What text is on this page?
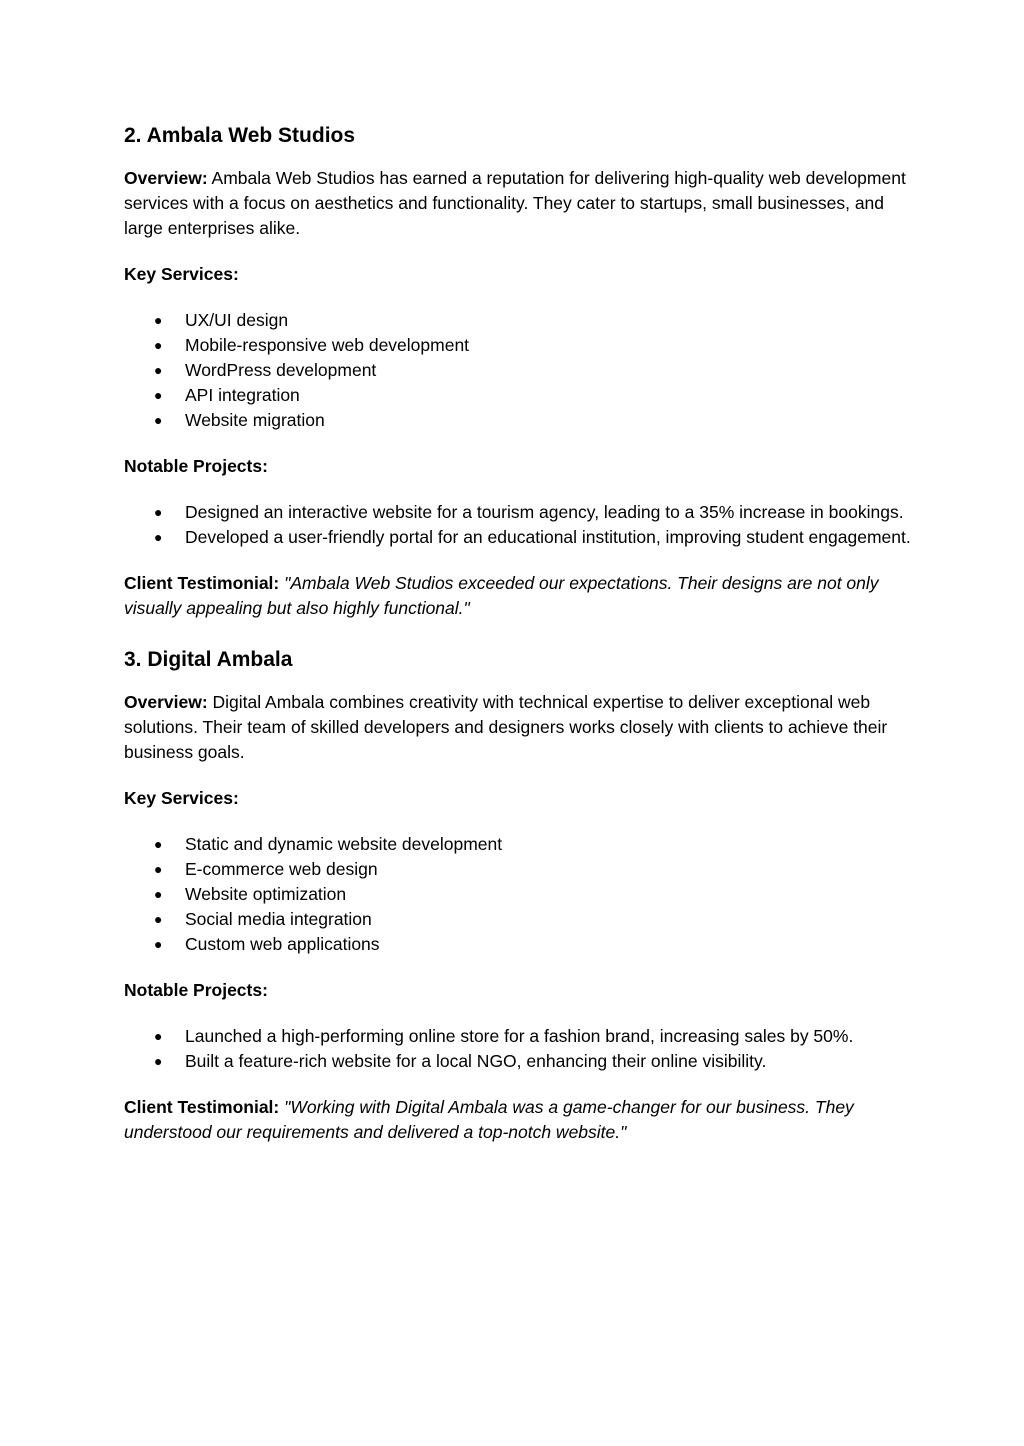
2. Ambala Web Studios

Overview: Ambala Web Studios has earned a reputation for delivering high-quality web development services with a focus on aesthetics and functionality. They cater to startups, small businesses, and large enterprises alike.

Key Services:

● UX/UI design
● Mobile-responsive web development
● WordPress development
● API integration
● Website migration

Notable Projects:

● Designed an interactive website for a tourism agency, leading to a 35% increase in bookings.
● Developed a user-friendly portal for an educational institution, improving student engagement.

Client Testimonial: "Ambala Web Studios exceeded our expectations. Their designs are not only visually appealing but also highly functional."

3. Digital Ambala

Overview: Digital Ambala combines creativity with technical expertise to deliver exceptional web solutions. Their team of skilled developers and designers works closely with clients to achieve their business goals.

Key Services:

● Static and dynamic website development
● E-commerce web design
● Website optimization
● Social media integration
● Custom web applications

Notable Projects:

● Launched a high-performing online store for a fashion brand, increasing sales by 50%.
● Built a feature-rich website for a local NGO, enhancing their online visibility.

Client Testimonial: "Working with Digital Ambala was a game-changer for our business. They understood our requirements and delivered a top-notch website."
